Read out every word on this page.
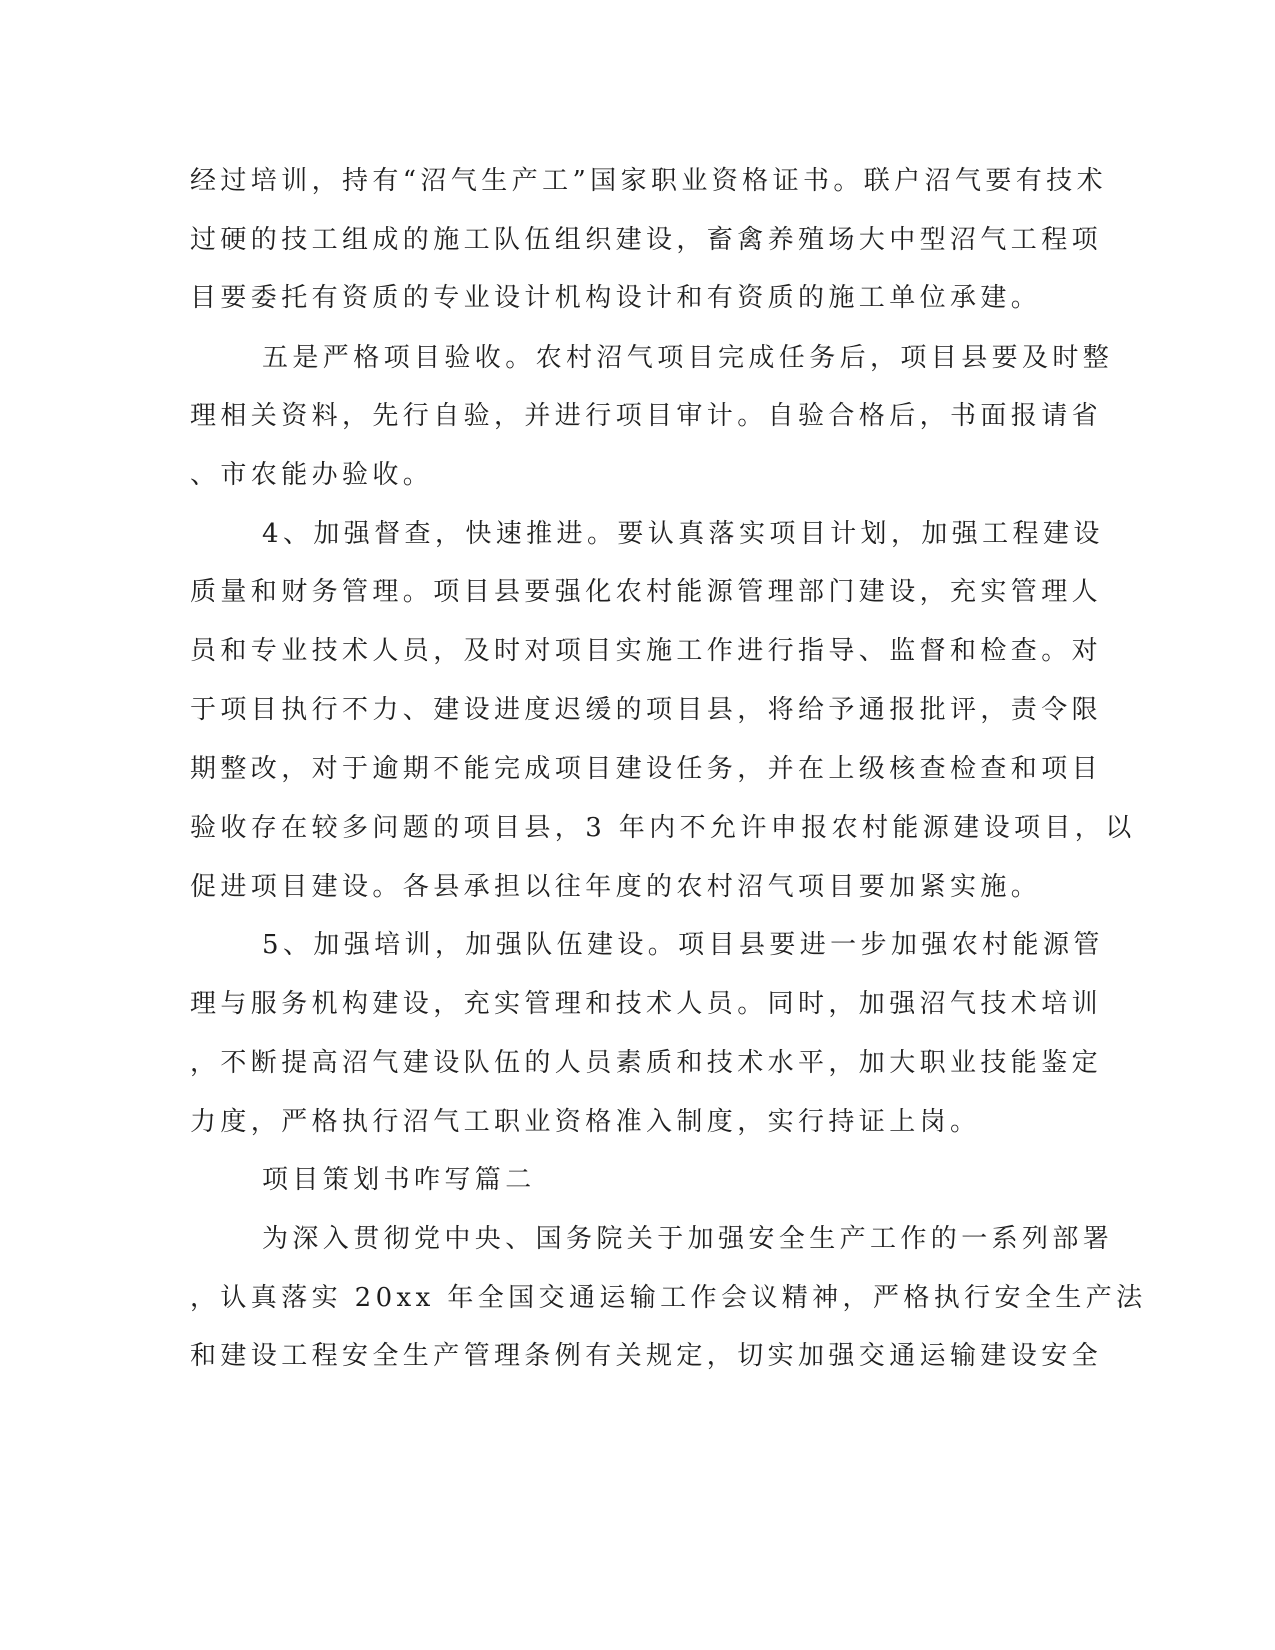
经过培训，持有“沼气生产工”国家职业资格证书。联户沼气要有技术

过硬的技工组成的施工队伍组织建设，畜禽养殖场大中型沼气工程项

目要委托有资质的专业设计机构设计和有资质的施工单位承建。

五是严格项目验收。农村沼气项目完成任务后，项目县要及时整

理相关资料，先行自验，并进行项目审计。自验合格后，书面报请省

、市农能办验收。

4、加强督查，快速推进。要认真落实项目计划，加强工程建设

质量和财务管理。项目县要强化农村能源管理部门建设，充实管理人

员和专业技术人员，及时对项目实施工作进行指导、监督和检查。对

于项目执行不力、建设进度迟缓的项目县，将给予通报批评，责令限

期整改，对于逾期不能完成项目建设任务，并在上级核查检查和项目

验收存在较多问题的项目县，3 年内不允许申报农村能源建设项目，以

促进项目建设。各县承担以往年度的农村沼气项目要加紧实施。

5、加强培训，加强队伍建设。项目县要进一步加强农村能源管

理与服务机构建设，充实管理和技术人员。同时，加强沼气技术培训

，不断提高沼气建设队伍的人员素质和技术水平，加大职业技能鉴定

力度，严格执行沼气工职业资格准入制度，实行持证上岗。

项目策划书咋写篇二

为深入贯彻党中央、国务院关于加强安全生产工作的一系列部署

，认真落实 20xx 年全国交通运输工作会议精神，严格执行安全生产法

和建设工程安全生产管理条例有关规定，切实加强交通运输建设安全
